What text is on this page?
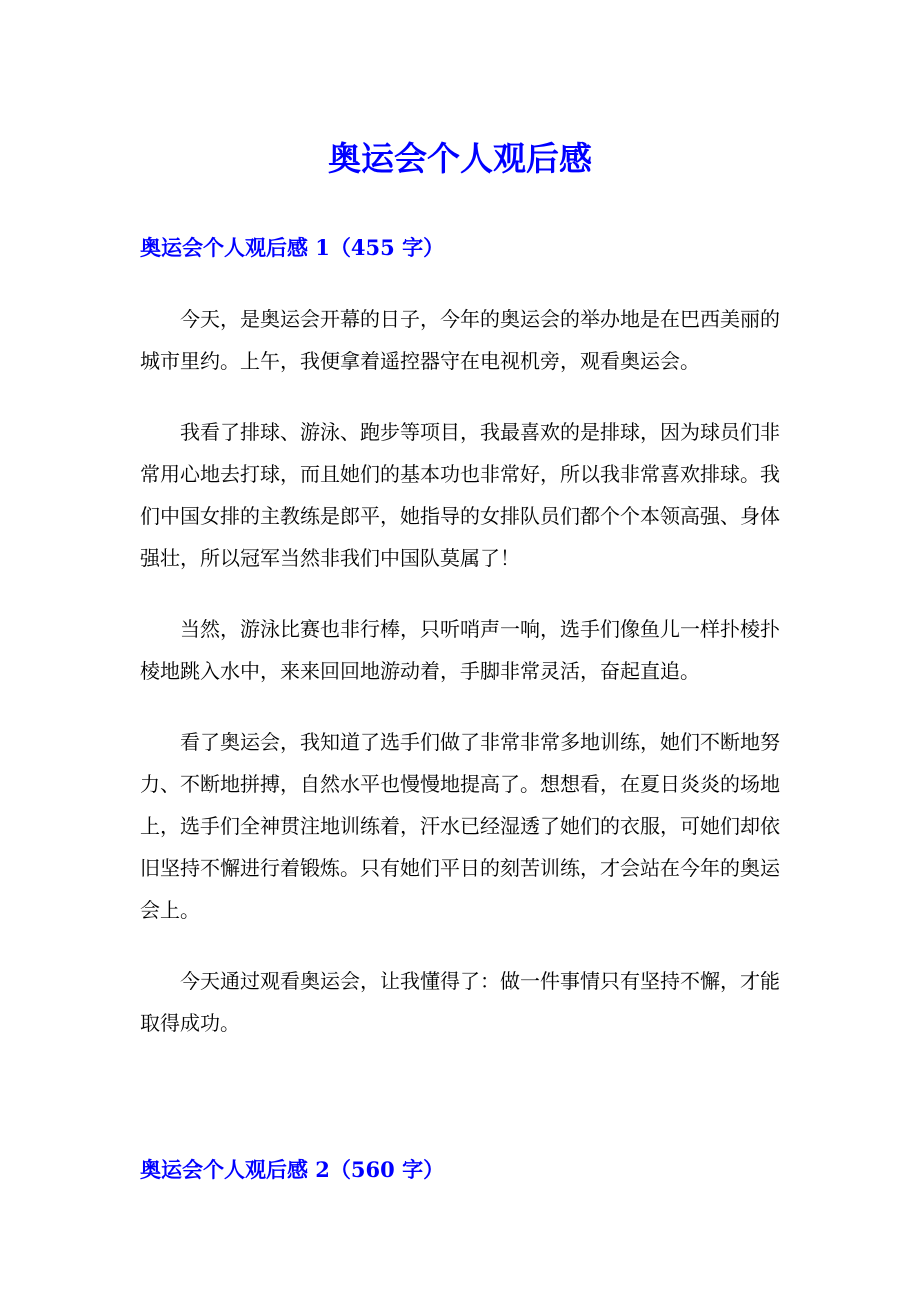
奥运会个人观后感
奥运会个人观后感 1（455 字）

今天，是奥运会开幕的日子，今年的奥运会的举办地是在巴西美丽的城市里约。上午，我便拿着遥控器守在电视机旁，观看奥运会。

我看了排球、游泳、跑步等项目，我最喜欢的是排球，因为球员们非常用心地去打球，而且她们的基本功也非常好，所以我非常喜欢排球。我们中国女排的主教练是郎平，她指导的女排队员们都个个本领高强、身体强壮，所以冠军当然非我们中国队莫属了！

当然，游泳比赛也非行棒，只听哨声一响，选手们像鱼儿一样扑棱扑棱地跳入水中，来来回回地游动着，手脚非常灵活，奋起直追。

看了奥运会，我知道了选手们做了非常非常多地训练，她们不断地努力、不断地拼搏，自然水平也慢慢地提高了。想想看，在夏日炎炎的场地上，选手们全神贯注地训练着，汗水已经湿透了她们的衣服，可她们却依旧坚持不懈进行着锻炼。只有她们平日的刻苦训练，才会站在今年的奥运会上。

今天通过观看奥运会，让我懂得了：做一件事情只有坚持不懈，才能取得成功。

奥运会个人观后感 2（560 字）
